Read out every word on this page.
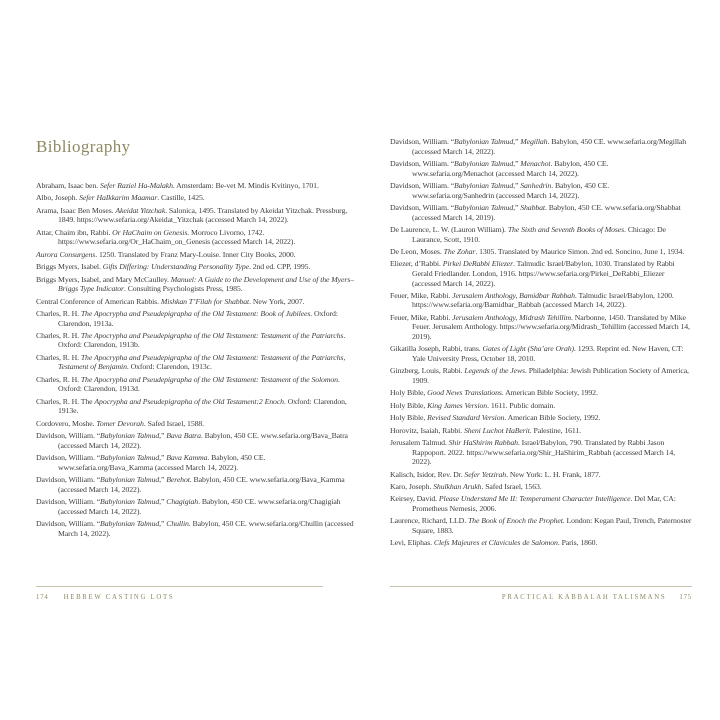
Bibliography

Abraham, Isaac ben. Sefer Raziel Ha-Malakh. Amsterdam: Be-vet M. Mindis Kvitinyo, 1701.

Albo, Joseph. Sefer HaIkkarim Maamar. Castille, 1425.

Arama, Isaac Ben Moses. Akeidat Yitzchak. Salonica, 1495. Translated by Akeidat Yitzchak. Pressburg, 1849. https://www.sefaria.org/Akeidat_Yitzchak (accessed March 14, 2022).

Attar, Chaim ibn, Rabbi. Or HaChaim on Genesis. Morroco Livorno, 1742. https://www.sefaria.org/Or_HaChaim_on_Genesis (accessed March 14, 2022).

Aurora Consurgens. 1250. Translated by Franz Mary-Louise. Inner City Books, 2000.

Briggs Myers, Isabel. Gifts Differing: Understanding Personality Type. 2nd ed. CPP, 1995.

Briggs Myers, Isabel, and Mary McCaulley. Manuel: A Guide to the Development and Use of the Myers–Briggs Type Indicator. Consulting Psychologists Press, 1985.

Central Conference of American Rabbis. Mishkan T’Filah for Shabbat. New York, 2007.

Charles, R. H. The Apocrypha and Pseudepigrapha of the Old Testament: Book of Jubilees. Oxford: Clarendon, 1913a.

Charles, R. H. The Apocrypha and Pseudepigrapha of the Old Testament: Testament of the Patriarchs. Oxford: Clarendon, 1913b.

Charles, R. H. The Apocrypha and Pseudepigrapha of the Old Testament: Testament of the Patriarchs, Testament of Benjamin. Oxford: Clarendon, 1913c.

Charles, R. H. The Apocrypha and Pseudepigrapha of the Old Testament: Testament of the Solomon. Oxford: Clarendon, 1913d.

Charles, R. H. The Apocrypha and Pseudepigrapha of the Old Testament:2 Enoch. Oxford: Clarendon, 1913e.

Cordovero, Moshe. Tomer Devorah. Safed Israel, 1588.

Davidson, William. “Babylonian Talmud,” Bava Batra. Babylon, 450 CE. www.sefaria.org/Bava_Batra (accessed March 14, 2022).

Davidson, William. “Babylonian Talmud,” Bava Kamma. Babylon, 450 CE. www.sefaria.org/Bava_Kamma (accessed March 14, 2022).

Davidson, William. “Babylonian Talmud,” Berehot. Babylon, 450 CE. www.sefaria.org/Bava_Kamma (accessed March 14, 2022).

Davidson, William. “Babylonian Talmud,” Chagigiah. Babylon, 450 CE. www.sefaria.org/Chagigiah (accessed March 14, 2022).

Davidson, William. “Babylonian Talmud,” Chullin. Babylon, 450 CE. www.sefaria.org/Chullin (accessed March 14, 2022).

Davidson, William. “Babylonian Talmud,” Megillah. Babylon, 450 CE. www.sefaria.org/Megillah (accessed March 14, 2022).

Davidson, William. “Babylonian Talmud,” Menachot. Babylon, 450 CE. www.sefaria.org/Menachot (accessed March 14, 2022).

Davidson, William. “Babylonian Talmud,” Sanhedrin. Babylon, 450 CE. www.sefaria.org/Sanhedrin (accessed March 14, 2022).

Davidson, William. “Babylonian Talmud,” Shabbat. Babylon, 450 CE. www.sefaria.org/Shabbat (accessed March 14, 2019).

De Laurence, L. W. (Lauron William). The Sixth and Seventh Books of Moses. Chicago: De Laurance, Scott, 1910.

De Leon, Moses. The Zohar. 1305. Translated by Maurice Simon. 2nd ed. Soncino, June 1, 1934.

Eliezer, d’Rabbi. Pirkei DeRabbi Eliezer. Talmudic Israel/Babylon, 1030. Translated by Rabbi Gerald Friedlander. London, 1916. https://www.sefaria.org/Pirkei_DeRabbi_Eliezer (accessed March 14, 2022).

Feuer, Mike, Rabbi. Jerusalem Anthology, Bamidbar Rabbah. Talmudic Israel/Babylon, 1200. https://www.sefaria.org/Bamidbar_Rabbah (accessed March 14, 2022).

Feuer, Mike, Rabbi. Jerusalem Anthology, Midrash Tehillim. Narbonne, 1450. Translated by Mike Feuer. Jerusalem Anthology. https://www.sefaria.org/Midrash_Tehillim (accessed March 14, 2019).

Gikatilla Joseph, Rabbi, trans. Gates of Light (Sha’are Orah). 1293. Reprint ed. New Haven, CT: Yale University Press, October 18, 2010.

Ginzberg, Louis, Rabbi. Legends of the Jews. Philadelphia: Jewish Publication Society of America, 1909.

Holy Bible, Good News Translations. American Bible Society, 1992.

Holy Bible, King James Version. 1611. Public domain.

Holy Bible, Revised Standard Version. American Bible Society, 1992.

Horovitz, Isaiah, Rabbi. Sheni Luchot HaBerit. Palestine, 1611.

Jerusalem Talmud. Shir HaShirim Rabbah. Israel/Babylon, 790. Translated by Rabbi Jason Rappoport. 2022. https://www.sefaria.org/Shir_HaShirim_Rabbah (accessed March 14, 2022).

Kalisch, Isidor, Rev. Dr. Sefer Yetzirah. New York: L. H. Frank, 1877.

Karo, Joseph. Shulkhan Arukh. Safed Israel, 1563.

Keirsey, David. Please Understand Me II: Temperament Character Intelligence. Del Mar, CA: Prometheus Nemesis, 2006.

Laurence, Richard, LLD. The Book of Enoch the Prophet. London: Kegan Paul, Trench, Paternoster Square, 1883.

Levi, Eliphas. Clefs Majeures et Clavicules de Salomon. Paris, 1860.

174 HEBREW CASTING LOTS	PRACTICAL KABBALAH TALISMANS 175
